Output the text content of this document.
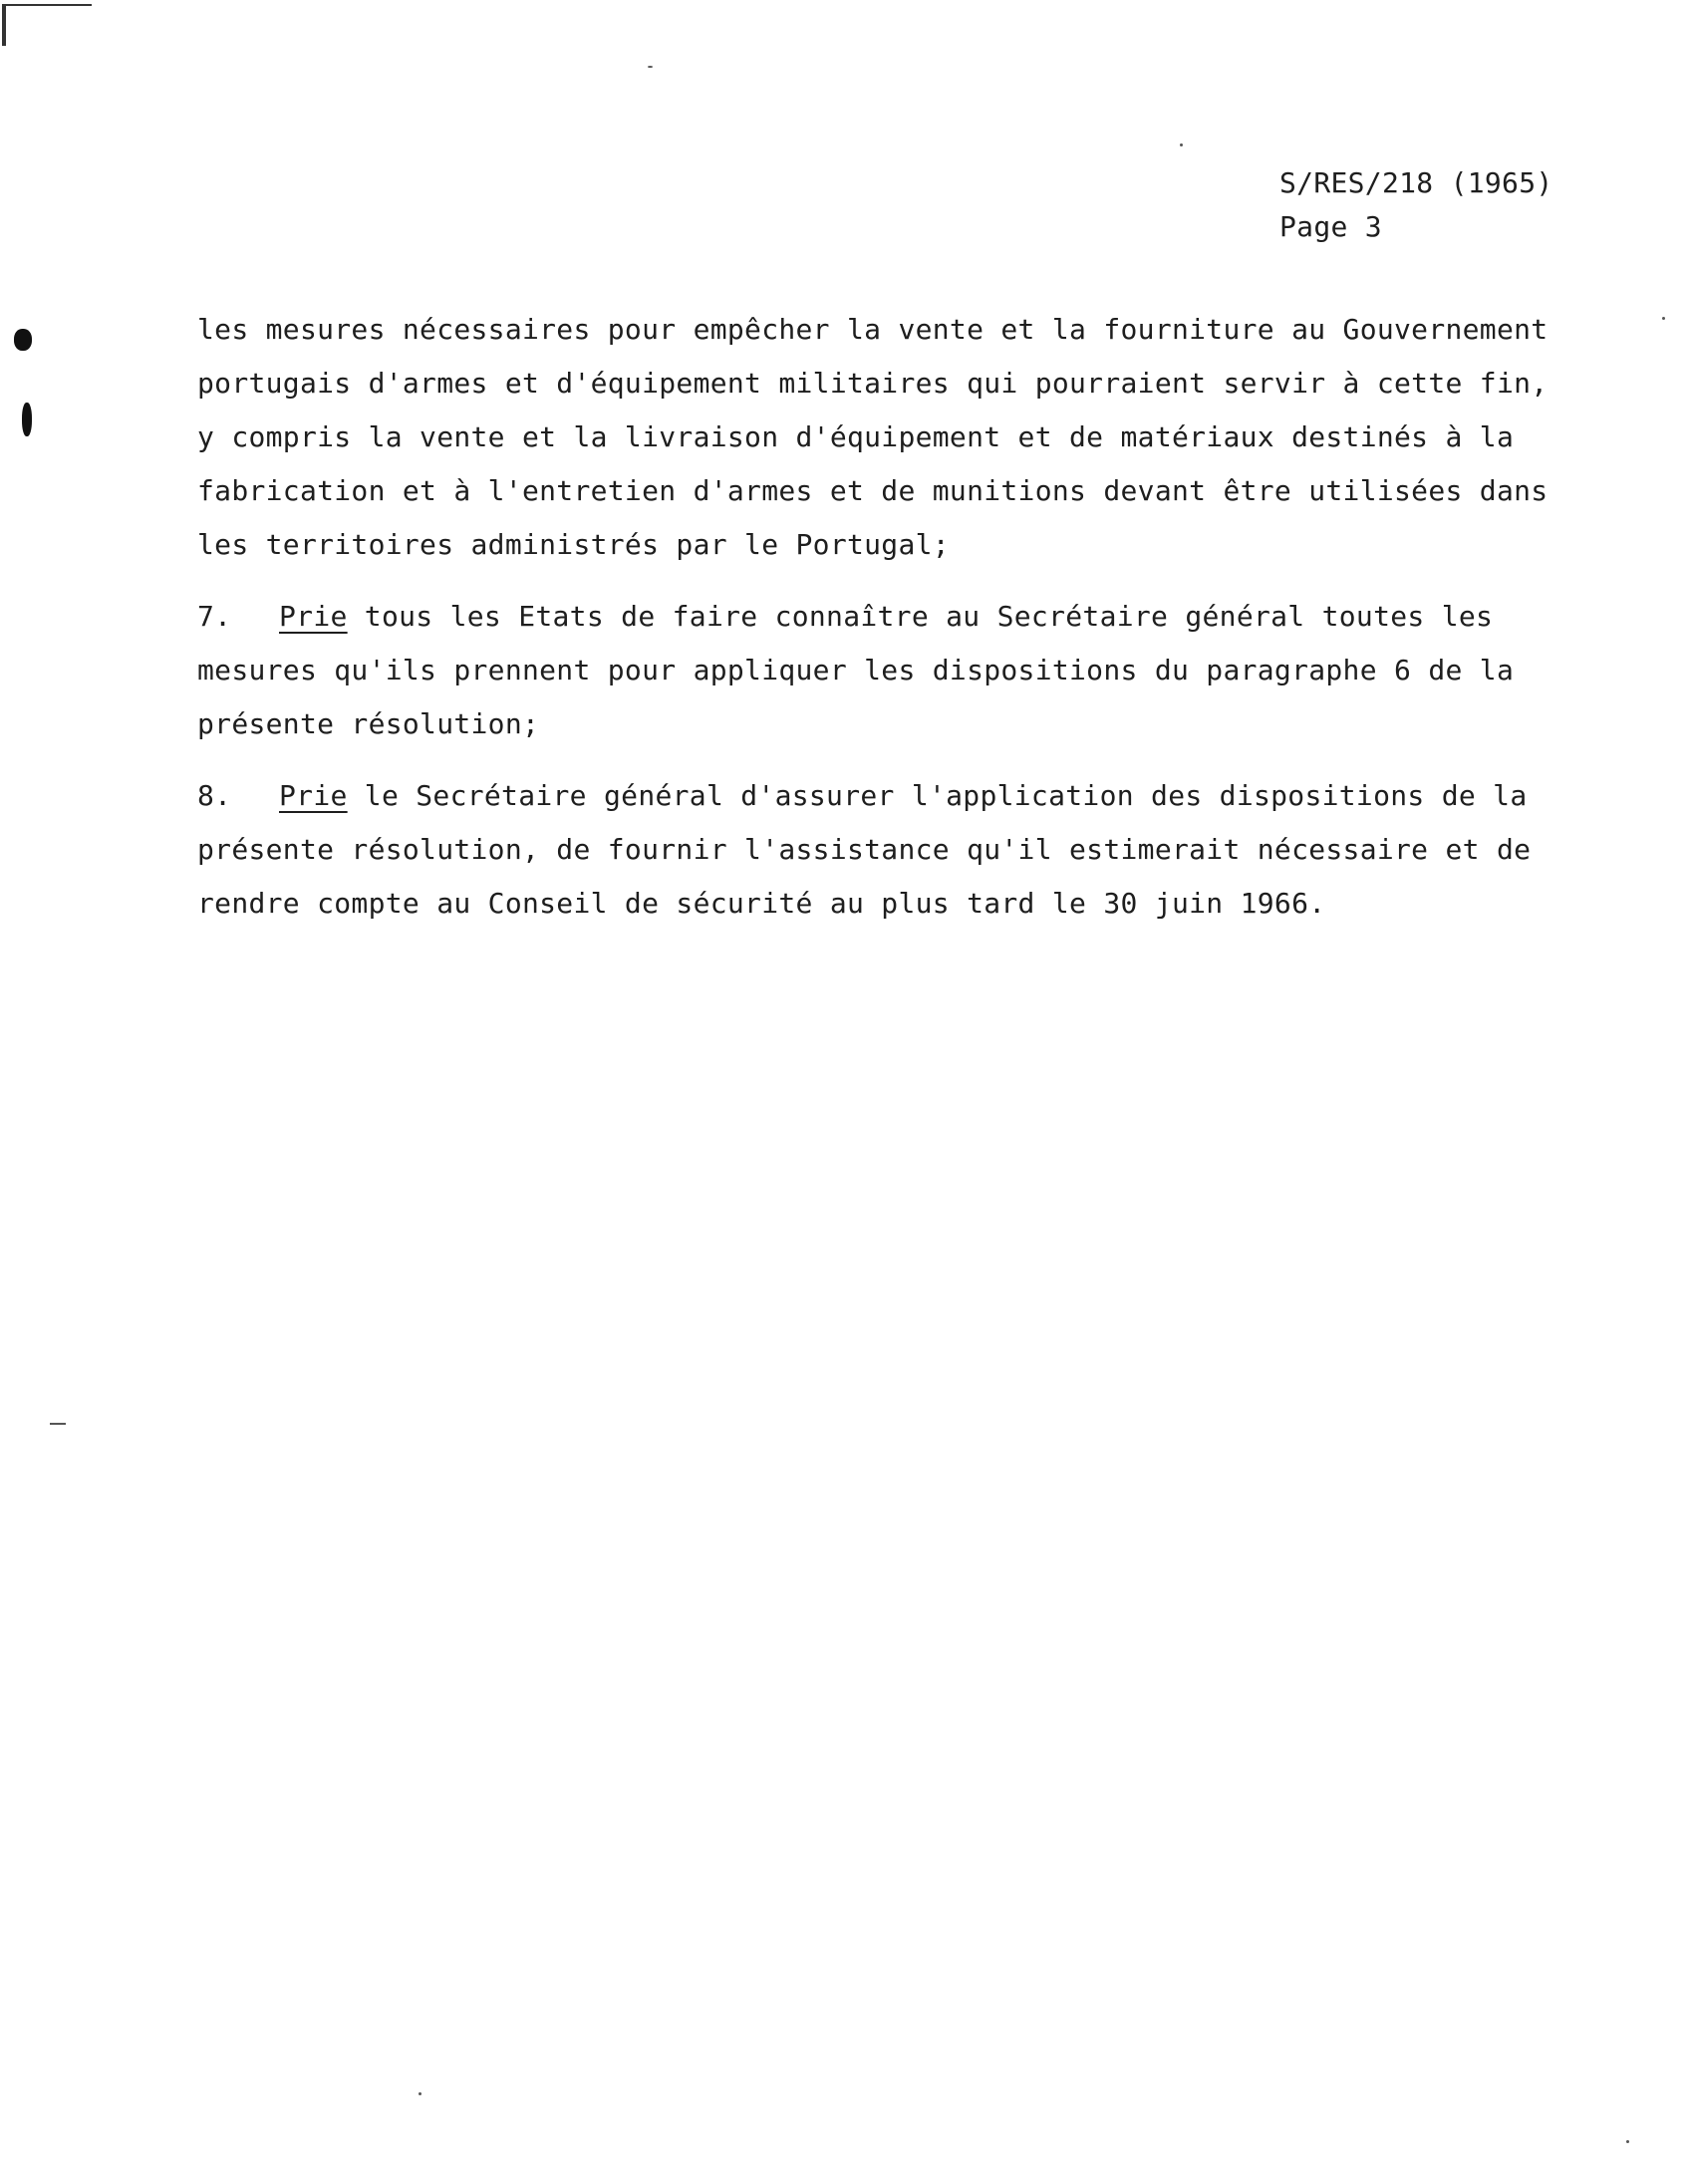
S/RES/218 (1965)
Page 3
les mesures nécessaires pour empêcher la vente et la fourniture au Gouvernement
portugais d'armes et d'équipement militaires qui pourraient servir à cette fin,
y compris la vente et la livraison d'équipement et de matériaux destinés à la
fabrication et à l'entretien d'armes et de munitions devant être utilisées dans
les territoires administrés par le Portugal;
7. Prie tous les Etats de faire connaître au Secrétaire général toutes les
mesures qu'ils prennent pour appliquer les dispositions du paragraphe 6 de la
présente résolution;
8. Prie le Secrétaire général d'assurer l'application des dispositions de la
présente résolution, de fournir l'assistance qu'il estimerait nécessaire et de
rendre compte au Conseil de sécurité au plus tard le 30 juin 1966.
